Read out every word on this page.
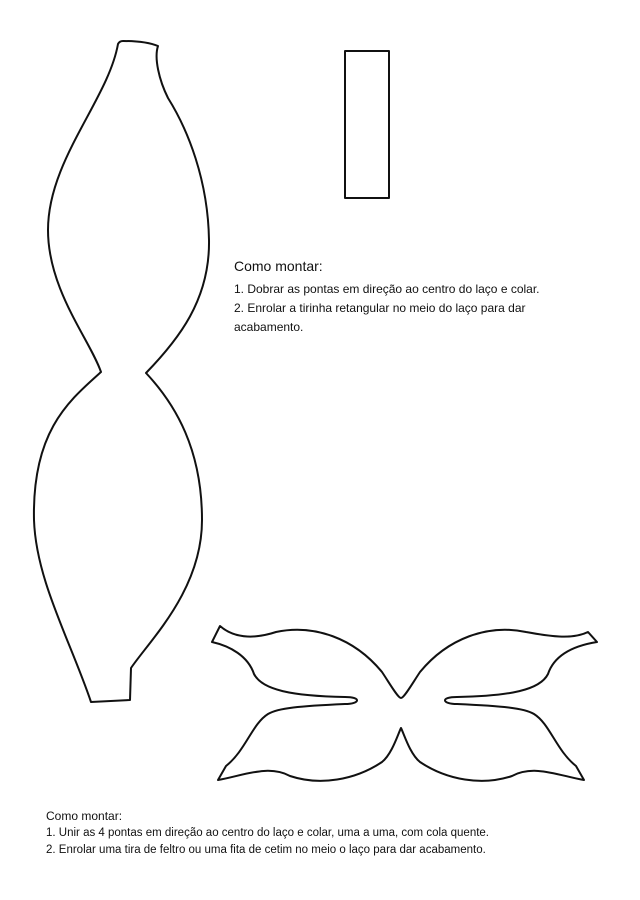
Como montar:

1. Dobrar as pontas em direção ao centro do laço e colar.

2. Enrolar a tirinha retangular no meio do laço para dar acabamento.

Como montar:

1. Unir as 4 pontas em direção ao centro do laço e colar, uma a uma, com cola quente.

2. Enrolar uma tira de feltro ou uma fita de cetim no meio o laço para dar acabamento.
